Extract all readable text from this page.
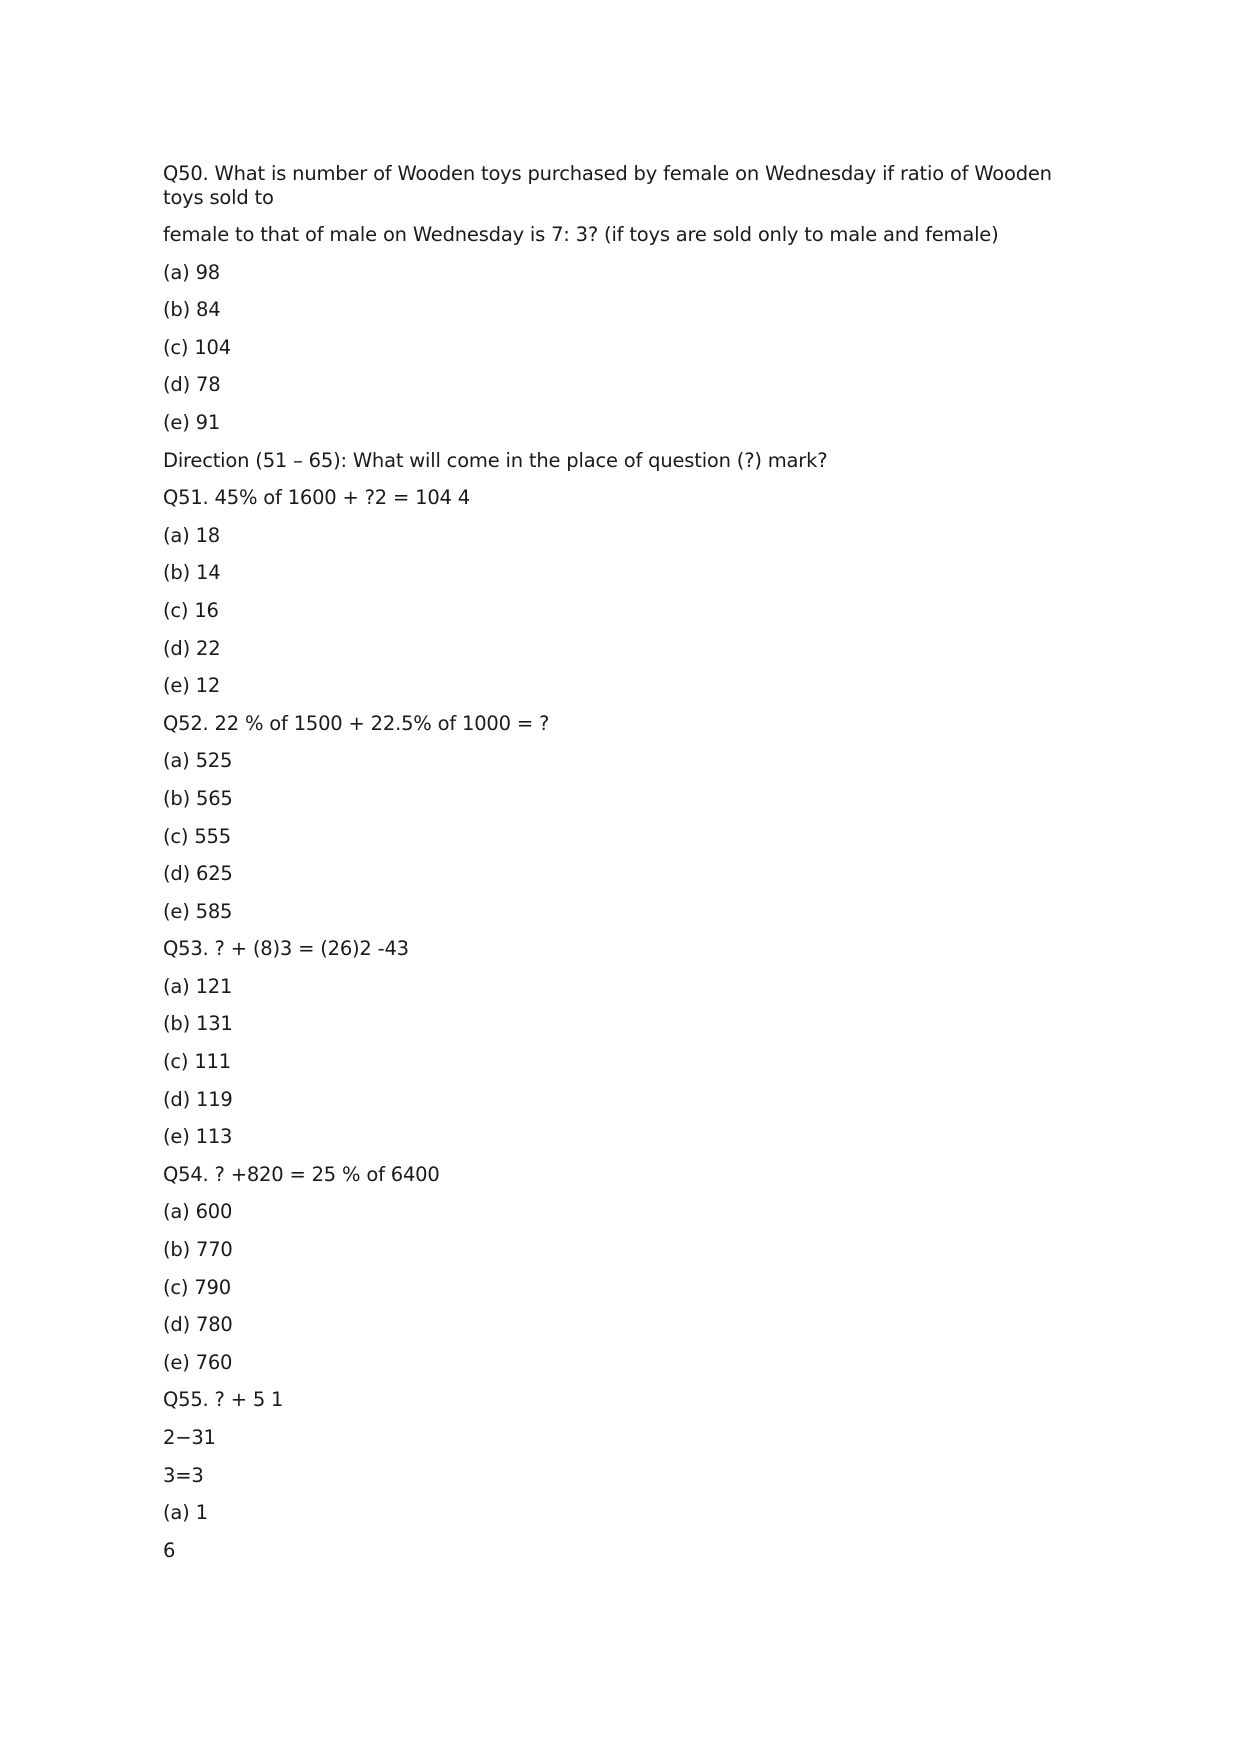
Q50. What is number of Wooden toys purchased by female on Wednesday if ratio of Wooden toys sold to
female to that of male on Wednesday is 7: 3? (if toys are sold only to male and female)
(a) 98
(b) 84
(c) 104
(d) 78
(e) 91
Direction (51 – 65): What will come in the place of question (?) mark?
Q51. 45% of 1600 + ?2 = 104 4
(a) 18
(b) 14
(c) 16
(d) 22
(e) 12
Q52. 22 % of 1500 + 22.5% of 1000 = ?
(a) 525
(b) 565
(c) 555
(d) 625
(e) 585
Q53. ? + (8)3 = (26)2 -43
(a) 121
(b) 131
(c) 111
(d) 119
(e) 113
Q54. ? +820 = 25 % of 6400
(a) 600
(b) 770
(c) 790
(d) 780
(e) 760
Q55. ? + 5 1
2−31
3=3
(a) 1
6
